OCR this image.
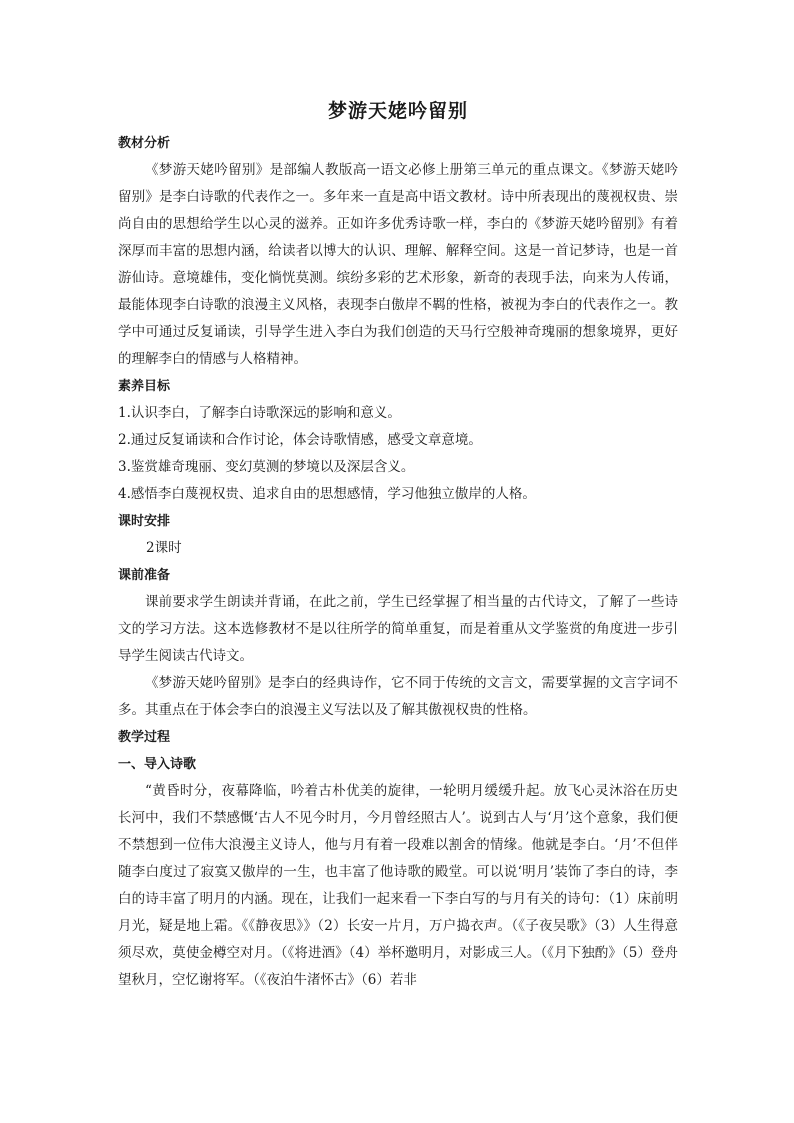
梦游天姥吟留别

教材分析

《梦游天姥吟留别》是部编人教版高一语文必修上册第三单元的重点课文。《梦游天姥吟留别》是李白诗歌的代表作之一。多年来一直是高中语文教材。诗中所表现出的蔑视权贵、崇尚自由的思想给学生以心灵的滋养。正如许多优秀诗歌一样，李白的《梦游天姥吟留别》有着深厚而丰富的思想内涵，给读者以博大的认识、理解、解释空间。这是一首记梦诗，也是一首游仙诗。意境雄伟，变化惝恍莫测。缤纷多彩的艺术形象，新奇的表现手法，向来为人传诵，最能体现李白诗歌的浪漫主义风格，表现李白傲岸不羁的性格，被视为李白的代表作之一。教学中可通过反复诵读，引导学生进入李白为我们创造的天马行空般神奇瑰丽的想象境界，更好的理解李白的情感与人格精神。

素养目标

1.认识李白，了解李白诗歌深远的影响和意义。

2.通过反复诵读和合作讨论，体会诗歌情感，感受文章意境。

3.鉴赏雄奇瑰丽、变幻莫测的梦境以及深层含义。

4.感悟李白蔑视权贵、追求自由的思想感情，学习他独立傲岸的人格。

课时安排

2课时

课前准备

课前要求学生朗读并背诵，在此之前，学生已经掌握了相当量的古代诗文，了解了一些诗文的学习方法。这本选修教材不是以往所学的简单重复，而是着重从文学鉴赏的角度进一步引导学生阅读古代诗文。

《梦游天姥吟留别》是李白的经典诗作，它不同于传统的文言文，需要掌握的文言字词不多。其重点在于体会李白的浪漫主义写法以及了解其傲视权贵的性格。

教学过程

一、导入诗歌

“黄昏时分，夜幕降临，吟着古朴优美的旋律，一轮明月缓缓升起。放飞心灵沐浴在历史长河中，我们不禁感慨‘古人不见今时月，今月曾经照古人’。说到古人与‘月’这个意象，我们便不禁想到一位伟大浪漫主义诗人，他与月有着一段难以割舍的情缘。他就是李白。‘月’不但伴随李白度过了寂寞又傲岸的一生，也丰富了他诗歌的殿堂。可以说‘明月’装饰了李白的诗，李白的诗丰富了明月的内涵。现在，让我们一起来看一下李白写的与月有关的诗句：（1）床前明月光，疑是地上霜。《《静夜思》》（2）长安一片月，万户捣衣声。（《子夜吴歌》（3）人生得意须尽欢，莫使金樽空对月。（《将进酒》（4）举杯邀明月，对影成三人。（《月下独酌》（5）登舟望秋月，空忆谢将军。（《夜泊牛渚怀古》（6）若非
